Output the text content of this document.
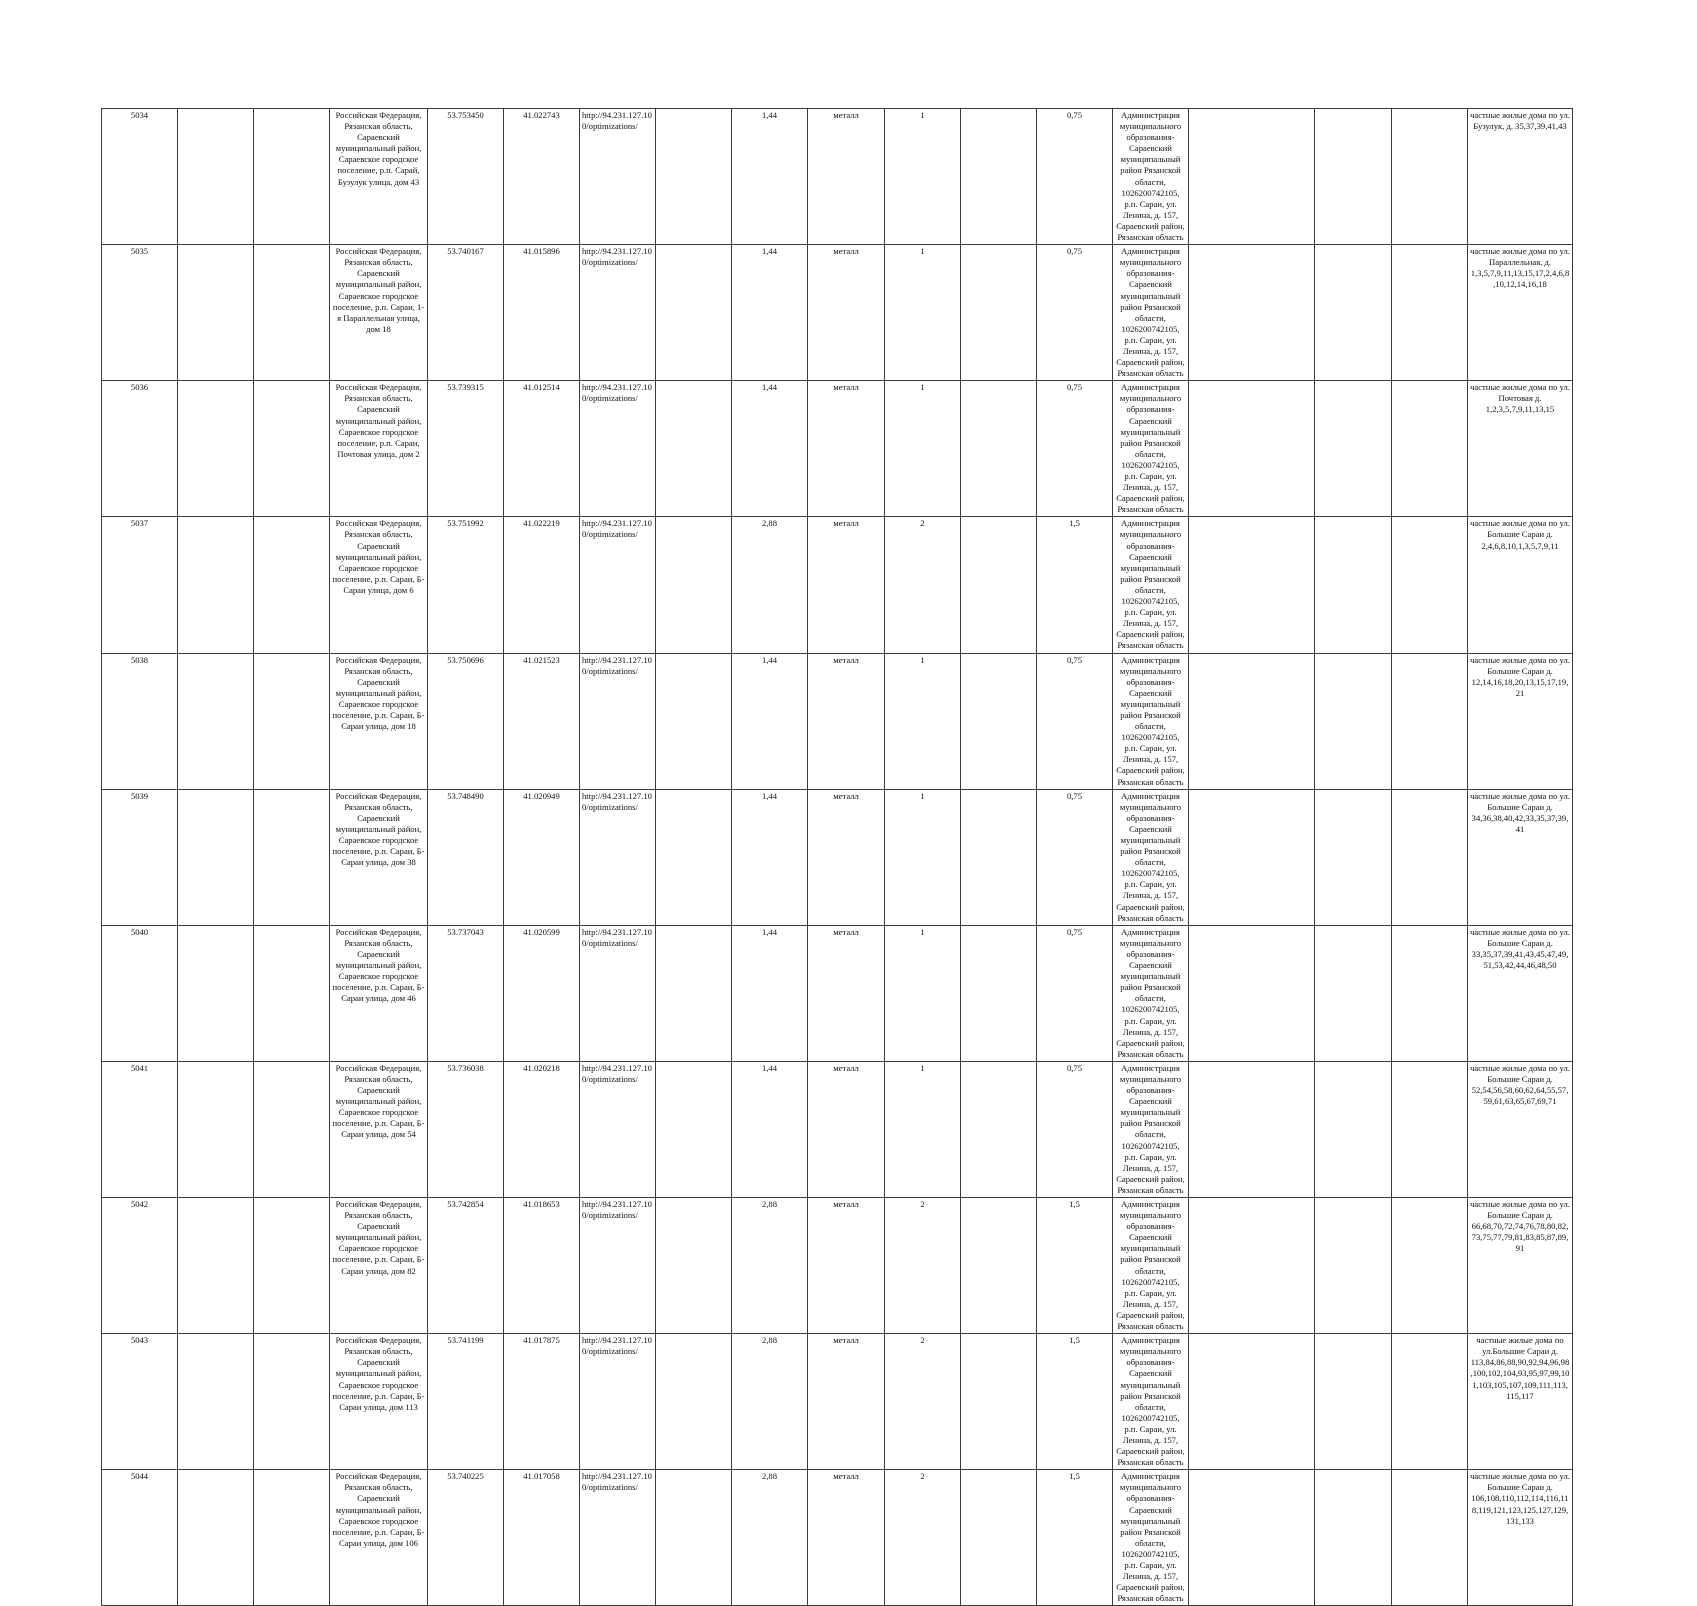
5034			Российская Федерация, Рязанская область, Сараевский муниципальный район, Сараевское городское поселение, р.п. Сарай, Бузулук улица, дом 43	53.753450	41.022743	http://94.231.127.100/optimizations/		1,44	металл	1		0,75	Администрация муниципального образования-Сараевский муниципальный район Рязанской области, 1026200742105, р.п. Сараи, ул. Ленина, д. 157, Сараевский район, Рязанская область				частные жилые дома по ул. Бузулук, д. 35,37,39,41,43
5035			Российская Федерация, Рязанская область, Сараевский муниципальный район, Сараевское городское поселение, р.п. Сараи, 1-я Параллельная улица, дом 18	53.740167	41.015896	http://94.231.127.100/optimizations/		1,44	металл	1		0,75	Администрация муниципального образования-Сараевский муниципальный район Рязанской области, 1026200742105, р.п. Сараи, ул. Ленина, д. 157, Сараевский район, Рязанская область				частные жилые дома по ул. Параллельная, д. 1,3,5,7,9,11,13,15,17,2,4,6,8,10,12,14,16,18
5036			Российская Федерация, Рязанская область, Сараевский муниципальный район, Сараевское городское поселение, р.п. Сараи, Почтовая улица, дом 2	53.739315	41.012514	http://94.231.127.100/optimizations/		1,44	металл	1		0,75	Администрация муниципального образования-Сараевский муниципальный район Рязанской области, 1026200742105, р.п. Сараи, ул. Ленина, д. 157, Сараевский район, Рязанская область				частные жилые дома по ул. Почтовая д. 1,2,3,5,7,9,11,13,15
5037			Российская Федерация, Рязанская область, Сараевский муниципальный район, Сараевское городское поселение, р.п. Сараи, Б-Сараи улица, дом 6	53.751992	41.022219	http://94.231.127.100/optimizations/		2,88	металл	2		1,5	Администрация муниципального образования-Сараевский муниципальный район Рязанской области, 1026200742105, р.п. Сараи, ул. Ленина, д. 157, Сараевский район, Рязанская область				частные жилые дома по ул. Большие Сараи д. 2,4,6,8,10,1,3,5,7,9,11
5038			Российская Федерация, Рязанская область, Сараевский муниципальный район, Сараевское городское поселение, р.п. Сараи, Б-Сараи улица, дом 18	53.750696	41.021523	http://94.231.127.100/optimizations/		1,44	металл	1		0,75	Администрация муниципального образования-Сараевский муниципальный район Рязанской области, 1026200742105, р.п. Сараи, ул. Ленина, д. 157, Сараевский район, Рязанская область				частные жилые дома по ул. Большие Сараи д. 12,14,16,18,20,13,15,17,19,21
5039			Российская Федерация, Рязанская область, Сараевский муниципальный район, Сараевское городское поселение, р.п. Сараи, Б-Сараи улица, дом 38	53.748490	41.020949	http://94.231.127.100/optimizations/		1,44	металл	1		0,75	Администрация муниципального образования-Сараевский муниципальный район Рязанской области, 1026200742105, р.п. Сараи, ул. Ленина, д. 157, Сараевский район, Рязанская область				частные жилые дома по ул. Большие Сараи д. 34,36,38,40,42,33,35,37,39,41
5040			Российская Федерация, Рязанская область, Сараевский муниципальный район, Сараевское городское поселение, р.п. Сараи, Б-Сараи улица, дом 46	53.737043	41.020599	http://94.231.127.100/optimizations/		1,44	металл	1		0,75	Администрация муниципального образования-Сараевский муниципальный район Рязанской области, 1026200742105, р.п. Сараи, ул. Ленина, д. 157, Сараевский район, Рязанская область				частные жилые дома по ул. Большие Сараи д. 33,35,37,39,41,43,45,47,49,51,53,42,44,46,48,50
5041			Российская Федерация, Рязанская область, Сараевский муниципальный район, Сараевское городское поселение, р.п. Сараи, Б-Сараи улица, дом 54	53.736038	41.020218	http://94.231.127.100/optimizations/		1,44	металл	1		0,75	Администрация муниципального образования-Сараевский муниципальный район Рязанской области, 1026200742105, р.п. Сараи, ул. Ленина, д. 157, Сараевский район, Рязанская область				частные жилые дома по ул. Большие Сараи д. 52,54,56,58,60,62,64,55,57,59,61,63,65,67,69,71
5042			Российская Федерация, Рязанская область, Сараевский муниципальный район, Сараевское городское поселение, р.п. Сараи, Б-Сараи улица, дом 82	53.742854	41.018653	http://94.231.127.100/optimizations/		2,88	металл	2		1,5	Администрация муниципального образования-Сараевский муниципальный район Рязанской области, 1026200742105, р.п. Сараи, ул. Ленина, д. 157, Сараевский район, Рязанская область				частные жилые дома по ул. Большие Сараи д. 66,68,70,72,74,76,78,80,82,73,75,77,79,81,83,85,87,89,91
5043			Российская Федерация, Рязанская область, Сараевский муниципальный район, Сараевское городское поселение, р.п. Сараи, Б-Сараи улица, дом 113	53.741199	41.017875	http://94.231.127.100/optimizations/		2,88	металл	2		1,5	Администрация муниципального образования-Сараевский муниципальный район Рязанской области, 1026200742105, р.п. Сараи, ул. Ленина, д. 157, Сараевский район, Рязанская область				частные жилые дома по ул.Большие Сараи д. 113,84,86,88,90,92,94,96,98,100,102,104,93,95,97,99,101,103,105,107,109,111,113,115,117
5044			Российская Федерация, Рязанская область, Сараевский муниципальный район, Сараевское городское поселение, р.п. Сараи, Б-Сараи улица, дом 106	53.740225	41.017058	http://94.231.127.100/optimizations/		2,88	металл	2		1,5	Администрация муниципального образования-Сараевский муниципальный район Рязанской области, 1026200742105, р.п. Сараи, ул. Ленина, д. 157, Сараевский район, Рязанская область				частные жилые дома по ул. Большие Сараи д. 106,108,110,112,114,116,118,119,121,123,125,127,129,131,133
